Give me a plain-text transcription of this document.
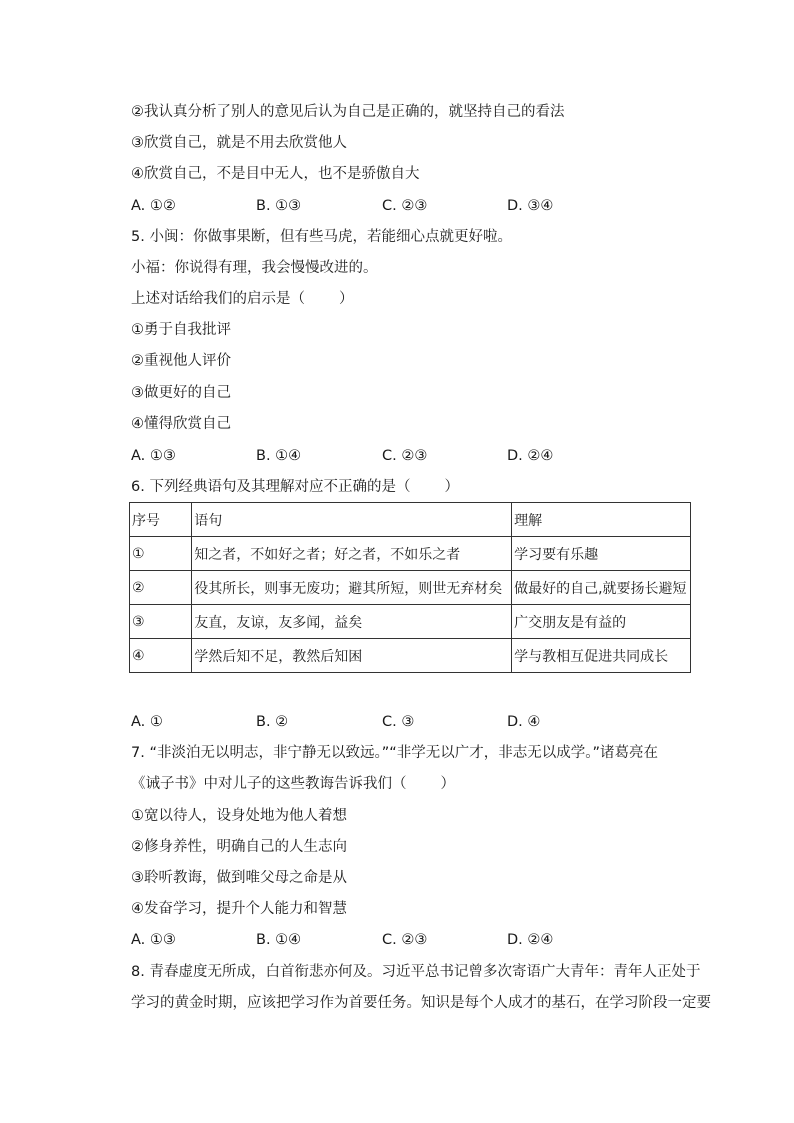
②我认真分析了别人的意见后认为自己是正确的，就坚持自己的看法
③欣赏自己，就是不用去欣赏他人
④欣赏自己，不是目中无人，也不是骄傲自大
A. ①②	B. ①③	C. ②③	D. ③④
5. 小闽：你做事果断，但有些马虎，若能细心点就更好啦。
小福：你说得有理，我会慢慢改进的。
上述对话给我们的启示是（ ）
①勇于自我批评
②重视他人评价
③做更好的自己
④懂得欣赏自己
A. ①③	B. ①④	C. ②③	D. ②④
6. 下列经典语句及其理解对应不正确的是（ ）
序号	语句	理解
①	知之者，不如好之者；好之者，不如乐之者	学习要有乐趣
②	役其所长，则事无废功；避其所短，则世无弃材矣	做最好的自己,就要扬长避短
③	友直，友谅，友多闻，益矣	广交朋友是有益的
④	学然后知不足，教然后知困	学与教相互促进共同成长
A. ①	B. ②	C. ③	D. ④
7. “非淡泊无以明志，非宁静无以致远。”“非学无以广才，非志无以成学。”诸葛亮在
《诫子书》中对儿子的这些教诲告诉我们（ ）
①宽以待人，设身处地为他人着想
②修身养性，明确自己的人生志向
③聆听教诲，做到唯父母之命是从
④发奋学习，提升个人能力和智慧
A. ①③	B. ①④	C. ②③	D. ②④
8. 青春虚度无所成，白首衔悲亦何及。习近平总书记曾多次寄语广大青年：青年人正处于
学习的黄金时期，应该把学习作为首要任务。知识是每个人成才的基石，在学习阶段一定要
